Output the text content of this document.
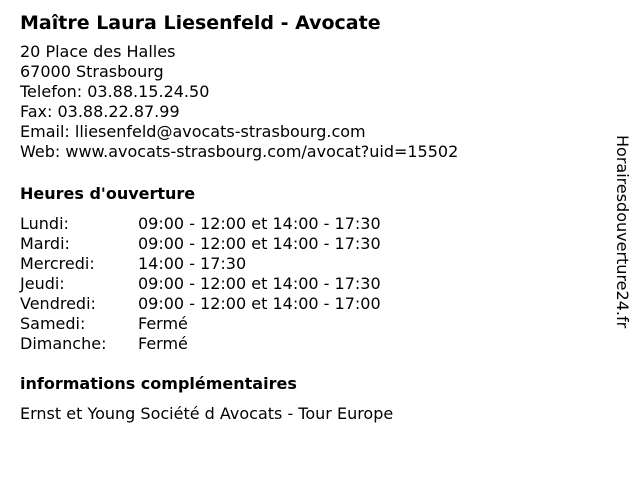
Maître Laura Liesenfeld - Avocate
20 Place des Halles
67000 Strasbourg
Telefon: 03.88.15.24.50
Fax: 03.88.22.87.99
Email: lliesenfeld@avocats-strasbourg.com
Web: www.avocats-strasbourg.com/avocat?uid=15502
Heures d'ouverture
Lundi:	09:00 - 12:00 et 14:00 - 17:30
Mardi:	09:00 - 12:00 et 14:00 - 17:30
Mercredi:	14:00 - 17:30
Jeudi:	09:00 - 12:00 et 14:00 - 17:30
Vendredi:	09:00 - 12:00 et 14:00 - 17:00
Samedi:	Fermé
Dimanche:	Fermé
informations complémentaires
Ernst et Young Société d Avocats - Tour Europe
Horairesdouverture24.fr
